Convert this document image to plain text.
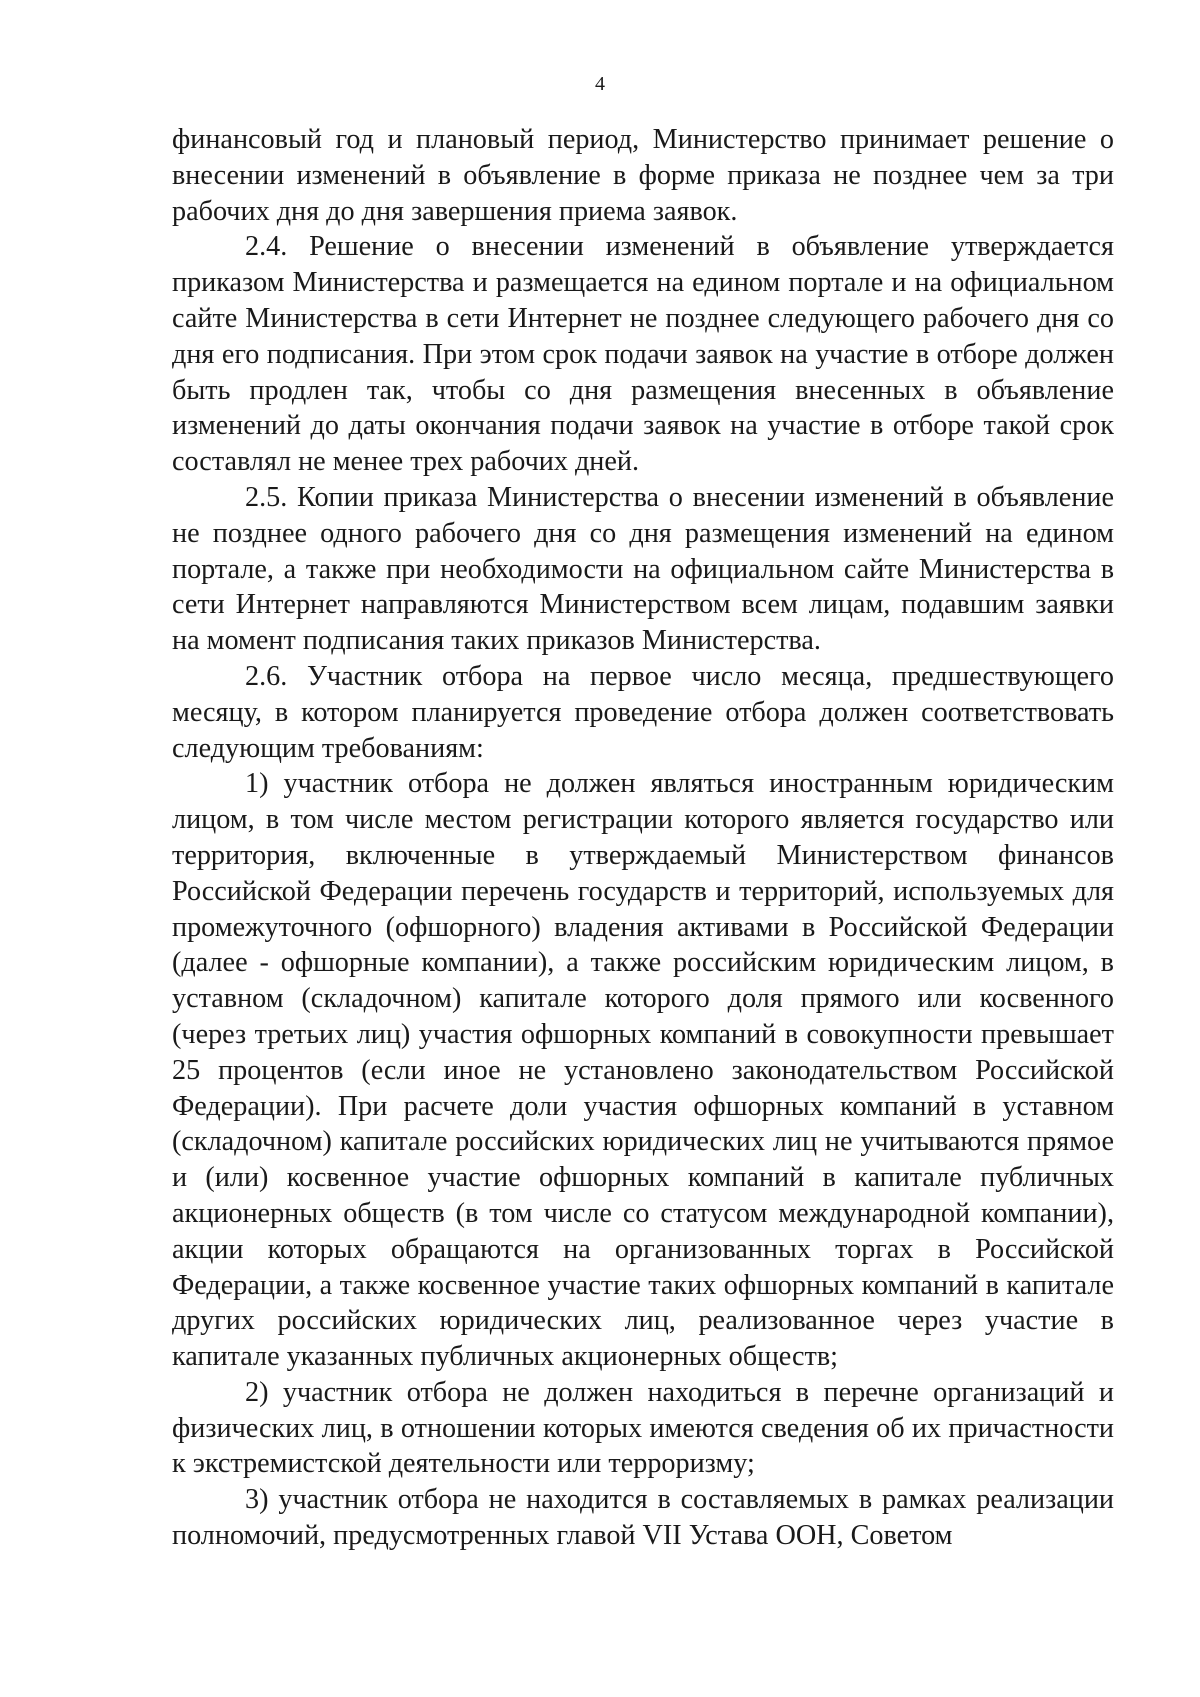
4

финансовый год и плановый период, Министерство принимает решение о внесении изменений в объявление в форме приказа не позднее чем за три рабочих дня до дня завершения приема заявок.

2.4. Решение о внесении изменений в объявление утверждается приказом Министерства и размещается на едином портале и на официальном сайте Министерства в сети Интернет не позднее следующего рабочего дня со дня его подписания. При этом срок подачи заявок на участие в отборе должен быть продлен так, чтобы со дня размещения внесенных в объявление изменений до даты окончания подачи заявок на участие в отборе такой срок составлял не менее трех рабочих дней.

2.5. Копии приказа Министерства о внесении изменений в объявление не позднее одного рабочего дня со дня размещения изменений на едином портале, а также при необходимости на официальном сайте Министерства в сети Интернет направляются Министерством всем лицам, подавшим заявки на момент подписания таких приказов Министерства.

2.6. Участник отбора на первое число месяца, предшествующего месяцу, в котором планируется проведение отбора должен соответствовать следующим требованиям:

1) участник отбора не должен являться иностранным юридическим лицом, в том числе местом регистрации которого является государство или территория, включенные в утверждаемый Министерством финансов Российской Федерации перечень государств и территорий, используемых для промежуточного (офшорного) владения активами в Российской Федерации (далее - офшорные компании), а также российским юридическим лицом, в уставном (складочном) капитале которого доля прямого или косвенного (через третьих лиц) участия офшорных компаний в совокупности превышает 25 процентов (если иное не установлено законодательством Российской Федерации). При расчете доли участия офшорных компаний в уставном (складочном) капитале российских юридических лиц не учитываются прямое и (или) косвенное участие офшорных компаний в капитале публичных акционерных обществ (в том числе со статусом международной компании), акции которых обращаются на организованных торгах в Российской Федерации, а также косвенное участие таких офшорных компаний в капитале других российских юридических лиц, реализованное через участие в капитале указанных публичных акционерных обществ;

2) участник отбора не должен находиться в перечне организаций и физических лиц, в отношении которых имеются сведения об их причастности к экстремистской деятельности или терроризму;

3) участник отбора не находится в составляемых в рамках реализации полномочий, предусмотренных главой VII Устава ООН, Советом
